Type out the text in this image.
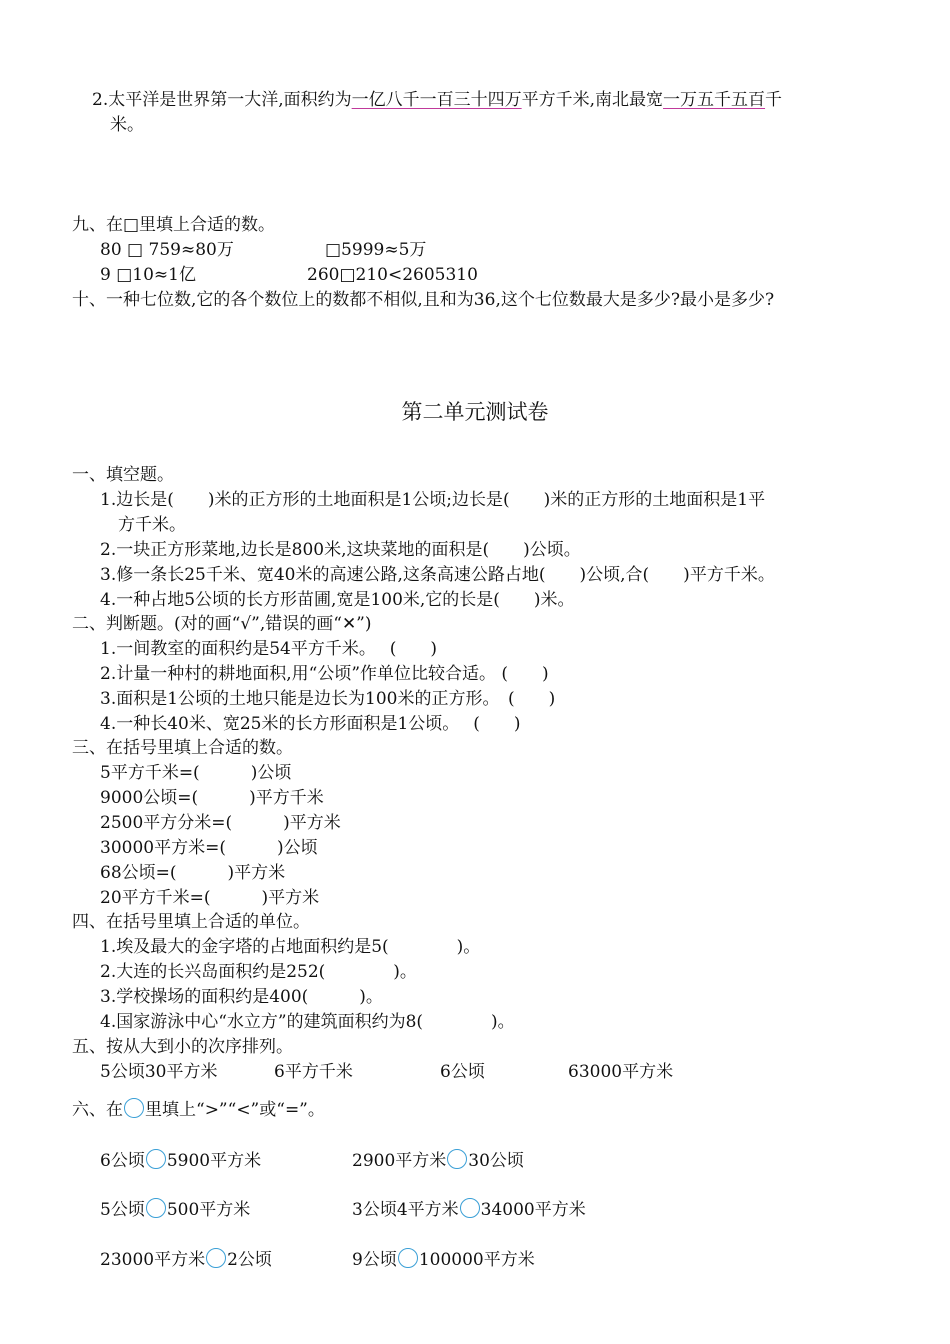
2.太平洋是世界第一大洋,面积约为一亿八千一百三十四万平方千米,南北最宽一万五千五百千
米。
九、在□里填上合适的数。
80 □ 759≈80万	□5999≈5万
9 □10≈1亿	260□210<2605310
十、一种七位数,它的各个数位上的数都不相似,且和为36,这个七位数最大是多少?最小是多少?
第二单元测试卷
一、填空题。
1.边长是(　　)米的正方形的土地面积是1公顷;边长是(　　)米的正方形的土地面积是1平
方千米。
2.一块正方形菜地,边长是800米,这块菜地的面积是(　　)公顷。
3.修一条长25千米、宽40米的高速公路,这条高速公路占地(　　)公顷,合(　　)平方千米。
4.一种占地5公顷的长方形苗圃,宽是100米,它的长是(　　)米。
二、判断题。(对的画“√”,错误的画“✕”)
1.一间教室的面积约是54平方千米。　 (　　)
2.计量一种村的耕地面积,用“公顷”作单位比较合适。 (　　)
3.面积是1公顷的土地只能是边长为100米的正方形。　(　　)
4.一种长40米、宽25米的长方形面积是1公顷。　 (　　)
三、在括号里填上合适的数。
5平方千米=(　　　)公顷
9000公顷=(　　　)平方千米
2500平方分米=(　　　)平方米
30000平方米=(　　　)公顷
68公顷=(　　　)平方米
20平方千米=(　　　)平方米
四、在括号里填上合适的单位。
1.埃及最大的金字塔的占地面积约是5(　　　　)。
2.大连的长兴岛面积约是252(　　　　)。
3.学校操场的面积约是400(　　　)。
4.国家游泳中心“水立方”的建筑面积约为8(　　　　)。
五、按从大到小的次序排列。
5公顷30平方米	6平方千米	6公顷	63000平方米
六、在 里填上“>”“<”或“=”。
6公顷 5900平方米	2900平方米 30公顷
5公顷 500平方米	3公顷4平方米 34000平方米
23000平方米 2公顷	9公顷 100000平方米
